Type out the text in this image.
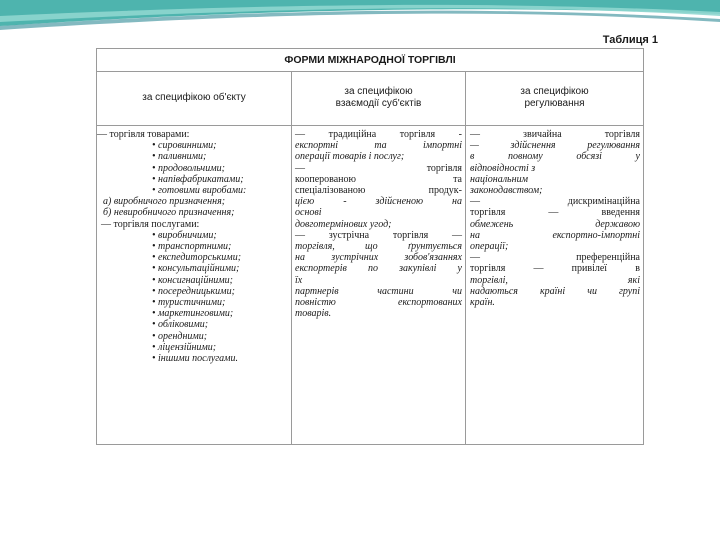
Таблиця 1
ФОРМИ МІЖНАРОДНОЇ ТОРГІВЛІ
за специфікою об'єкту
за специфікою
взаємодії суб'єктів
за специфікою
регулювання
— торгівля товарами:
• сировинними;
• паливними;
• продовольчими;
• напівфабрикатами;
• готовими виробами:
а) виробничого призначення;
б) невиробничого призначення;
— торгівля послугами:
• виробничими;
• транспортними;
• експедиторськими;
• консультаційними;
• консигнаційними;
• посередницькими;
• туристичними;
• маркетинговими;
• обліковими;
• орендними;
• ліцензійними;
• іншими послугами.
— традиційна торгівля -
експортні та імпортні
операції товарів і послуг;
— торгівля
кооперованою та
спеціалізованою продук-
цією - здійсненою на
основі
довготермінових угод;
— зустрічна торгівля —
торгівля, що ґрунтується
на зустрічних зобов'язаннях
експортерів по закупівлі у
їх
партнерів частини чи
повністю експортованих
товарів.
— звичайна торгівля
— здійснення регулювання
в повному обсязі у
відповідності з
національним
законодавством;
— дискримінаційна
торгівля — введення
обмежень державою
на експортно-імпортні
операції;
— преференційна
торгівля — привілеї в
торгівлі, які
надаються країні чи групі
країн.
